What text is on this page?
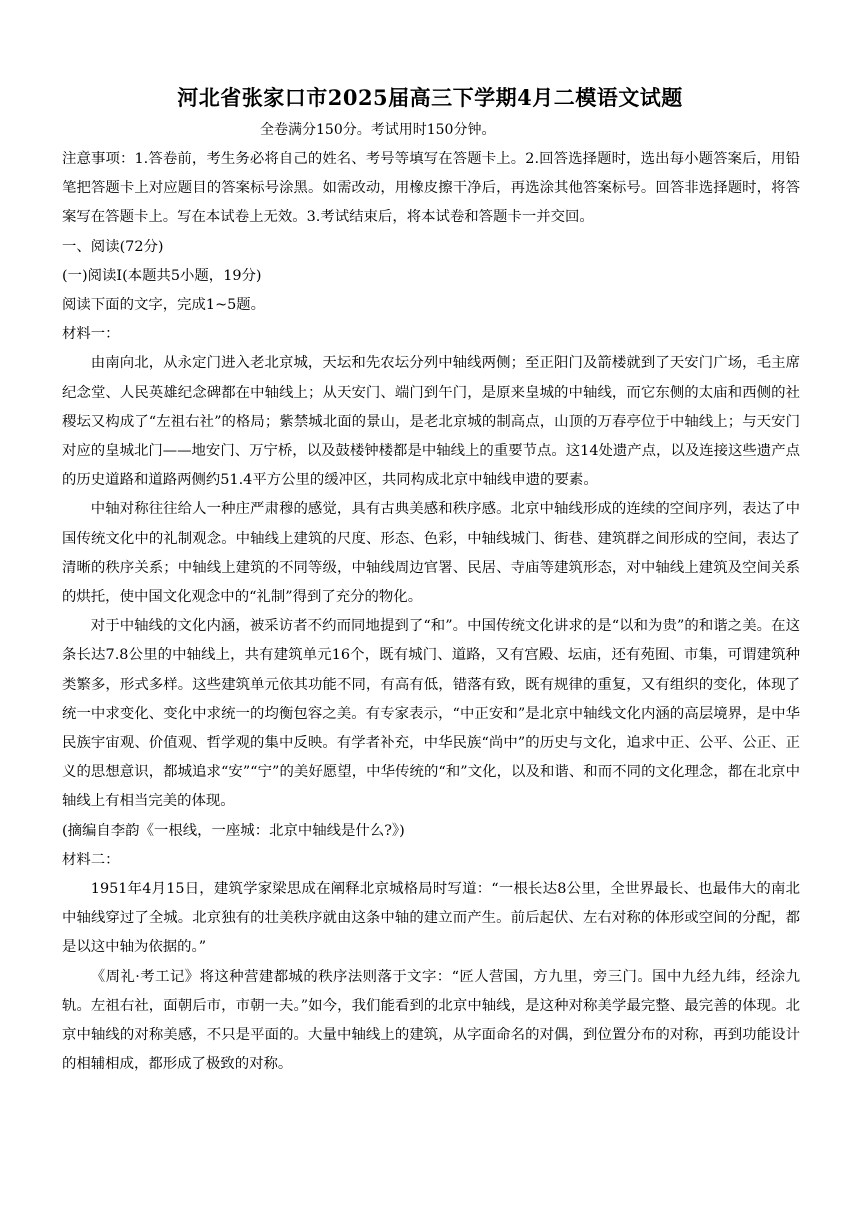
河北省张家口市2025届高三下学期4月二模语文试题
全卷满分150分。考试用时150分钟。

注意事项：1.答卷前，考生务必将自己的姓名、考号等填写在答题卡上。2.回答选择题时，选出每小题答案后，用铅笔把答题卡上对应题目的答案标号涂黑。如需改动，用橡皮擦干净后，再选涂其他答案标号。回答非选择题时，将答案写在答题卡上。写在本试卷上无效。3.考试结束后，将本试卷和答题卡一并交回。

一、阅读(72分)

(一)阅读I(本题共5小题，19分)

阅读下面的文字，完成1~5题。

材料一：

由南向北，从永定门进入老北京城，天坛和先农坛分列中轴线两侧；至正阳门及箭楼就到了天安门广场，毛主席纪念堂、人民英雄纪念碑都在中轴线上；从天安门、端门到午门，是原来皇城的中轴线，而它东侧的太庙和西侧的社稷坛又构成了“左祖右社”的格局；紫禁城北面的景山，是老北京城的制高点，山顶的万春亭位于中轴线上；与天安门对应的皇城北门——地安门、万宁桥，以及鼓楼钟楼都是中轴线上的重要节点。这14处遗产点，以及连接这些遗产点的历史道路和道路两侧约51.4平方公里的缓冲区，共同构成北京中轴线申遗的要素。

中轴对称往往给人一种庄严肃穆的感觉，具有古典美感和秩序感。北京中轴线形成的连续的空间序列，表达了中国传统文化中的礼制观念。中轴线上建筑的尺度、形态、色彩，中轴线城门、街巷、建筑群之间形成的空间，表达了清晰的秩序关系；中轴线上建筑的不同等级，中轴线周边官署、民居、寺庙等建筑形态，对中轴线上建筑及空间关系的烘托，使中国文化观念中的“礼制”得到了充分的物化。

对于中轴线的文化内涵，被采访者不约而同地提到了“和”。中国传统文化讲求的是“以和为贵”的和谐之美。在这条长达7.8公里的中轴线上，共有建筑单元16个，既有城门、道路，又有宫殿、坛庙，还有苑囿、市集，可谓建筑种类繁多，形式多样。这些建筑单元依其功能不同，有高有低，错落有致，既有规律的重复，又有组织的变化，体现了统一中求变化、变化中求统一的均衡包容之美。有专家表示，“中正安和”是北京中轴线文化内涵的高层境界，是中华民族宇宙观、价值观、哲学观的集中反映。有学者补充，中华民族“尚中”的历史与文化，追求中正、公平、公正、正义的思想意识，都城追求“安”“宁”的美好愿望，中华传统的“和”文化，以及和谐、和而不同的文化理念，都在北京中轴线上有相当完美的体现。

(摘编自李韵《一根线，一座城：北京中轴线是什么?》)

材料二：

1951年4月15日，建筑学家梁思成在阐释北京城格局时写道：“一根长达8公里，全世界最长、也最伟大的南北中轴线穿过了全城。北京独有的壮美秩序就由这条中轴的建立而产生。前后起伏、左右对称的体形或空间的分配，都是以这中轴为依据的。”

《周礼·考工记》将这种营建都城的秩序法则落于文字：“匠人营国，方九里，旁三门。国中九经九纬，经涂九轨。左祖右社，面朝后市，市朝一夫。”如今，我们能看到的北京中轴线，是这种对称美学最完整、最完善的体现。北京中轴线的对称美感，不只是平面的。大量中轴线上的建筑，从字面命名的对偶，到位置分布的对称，再到功能设计的相辅相成，都形成了极致的对称。
